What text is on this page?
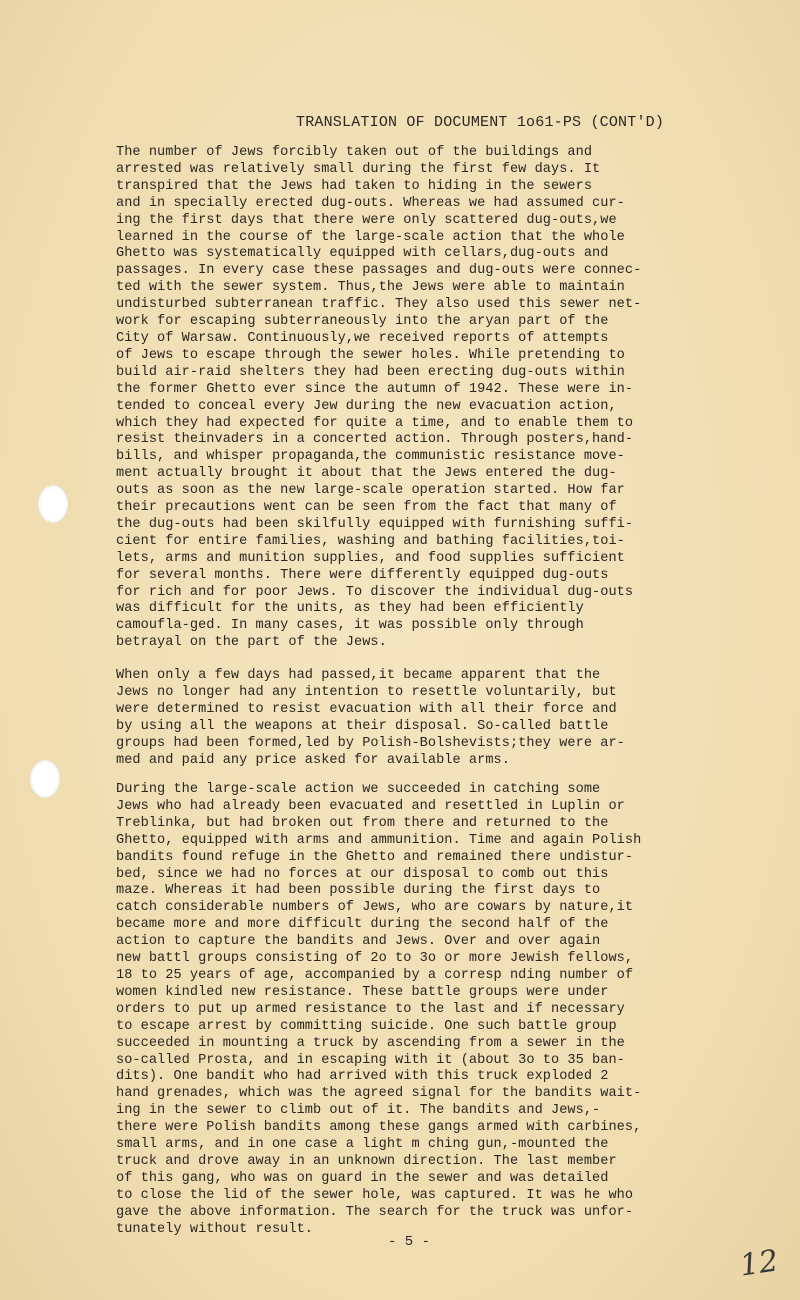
TRANSLATION OF DOCUMENT 1o61-PS (CONT'D)
The number of Jews forcibly taken out of the buildings and
arrested was relatively small during the first few days. It
transpired that the Jews had taken to hiding in the sewers
and in specially erected dug-outs. Whereas we had assumed cur-
ing the first days that there were only scattered dug-outs,we
learned in the course of the large-scale action that the whole
Ghetto was systematically equipped with cellars,dug-outs and
passages. In every case these passages and dug-outs were connec-
ted with the sewer system. Thus,the Jews were able to maintain
undisturbed subterranean traffic. They also used this sewer net-
work for escaping subterraneously into the aryan part of the
City of Warsaw. Continuously,we received reports of attempts
of Jews to escape through the sewer holes. While pretending to
build air-raid shelters they had been erecting dug-outs within
the former Ghetto ever since the autumn of 1942. These were in-
tended to conceal every Jew during the new evacuation action,
which they had expected for quite a time, and to enable them to
resist theinvaders in a concerted action. Through posters,hand-
bills, and whisper propaganda,the communistic resistance move-
ment actually brought it about that the Jews entered the dug-
outs as soon as the new large-scale operation started. How far
their precautions went can be seen from the fact that many of
the dug-outs had been skilfully equipped with furnishing suffi-
cient for entire families, washing and bathing facilities,toi-
lets, arms and munition supplies, and food supplies sufficient
for several months. There were differently equipped dug-outs
for rich and for poor Jews. To discover the individual dug-outs
was difficult for the units, as they had been efficiently
camoufla-ged. In many cases, it was possible only through
betrayal on the part of the Jews.
When only a few days had passed,it became apparent that the
Jews no longer had any intention to resettle voluntarily, but
were determined to resist evacuation with all their force and
by using all the weapons at their disposal. So-called battle
groups had been formed,led by Polish-Bolshevists;they were ar-
med and paid any price asked for available arms.
During the large-scale action we succeeded in catching some
Jews who had already been evacuated and resettled in Luplin or
Treblinka, but had broken out from there and returned to the
Ghetto, equipped with arms and ammunition. Time and again Polish
bandits found refuge in the Ghetto and remained there undistur-
bed, since we had no forces at our disposal to comb out this
maze. Whereas it had been possible during the first days to
catch considerable numbers of Jews, who are cowars by nature,it
became more and more difficult during the second half of the
action to capture the bandits and Jews. Over and over again
new battl groups consisting of 2o to 3o or more Jewish fellows,
18 to 25 years of age, accompanied by a corresp nding number of
women kindled new resistance. These battle groups were under
orders to put up armed resistance to the last and if necessary
to escape arrest by committing suicide. One such battle group
succeeded in mounting a truck by ascending from a sewer in the
so-called Prosta, and in escaping with it (about 3o to 35 ban-
dits). One bandit who had arrived with this truck exploded 2
hand grenades, which was the agreed signal for the bandits wait-
ing in the sewer to climb out of it. The bandits and Jews,-
there were Polish bandits among these gangs armed with carbines,
small arms, and in one case a light m ching gun,-mounted the
truck and drove away in an unknown direction. The last member
of this gang, who was on guard in the sewer and was detailed
to close the lid of the sewer hole, was captured. It was he who
gave the above information. The search for the truck was unfor-
tunately without result.
- 5 -
12
